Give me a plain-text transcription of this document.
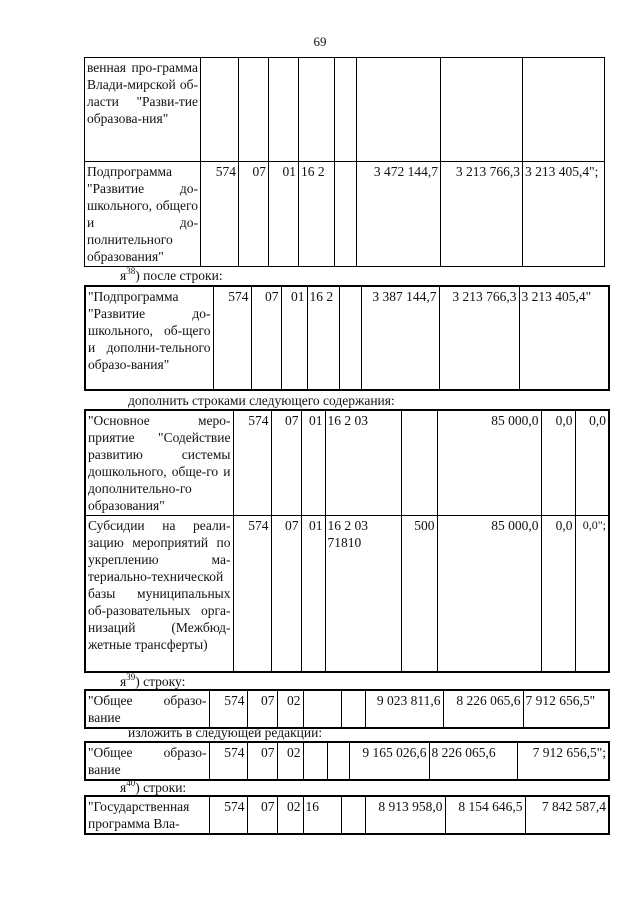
69
венная про-грамма Влади-мирской об-ласти "Разви-тие образова-ния"								
Подпрограмма "Развитие до-школьного, общего и до-полнительного образования"	574	07	01	16 2		3 472 144,7	3 213 766,3	3 213 405,4";
$я^{38}$) после строки:
"Подпрограмма "Развитие до-школьного, об-щего и дополни-тельного образо-вания"	574	07	01	16 2		3 387 144,7	3 213 766,3	3 213 405,4"
дополнить строками следующего содержания:
"Основное меро-приятие "Содействие развитию системы дошкольного, обще-го и дополнительно-го образования"	574	07	01	16 2 03		85 000,0	0,0	0,0
Субсидии на реали-зацию мероприятий по укреплению ма-териально-технической базы муниципальных об-разовательных орга-низаций (Межбюд-жетные трансферты)	574	07	01	16 2 03 71810	500	85 000,0	0,0	0,0";
$я^{39}$) строку:
"Общее образо-вание	574	07	02			9 023 811,6	8 226 065,6	7 912 656,5"
изложить в следующей редакции:
"Общее образо-вание	574	07	02			9 165 026,6	8 226 065,6	7 912 656,5";
$я^{40}$) строки:
"Государственная программа Вла-	574	07	02	16		8 913 958,0	8 154 646,5	7 842 587,4
